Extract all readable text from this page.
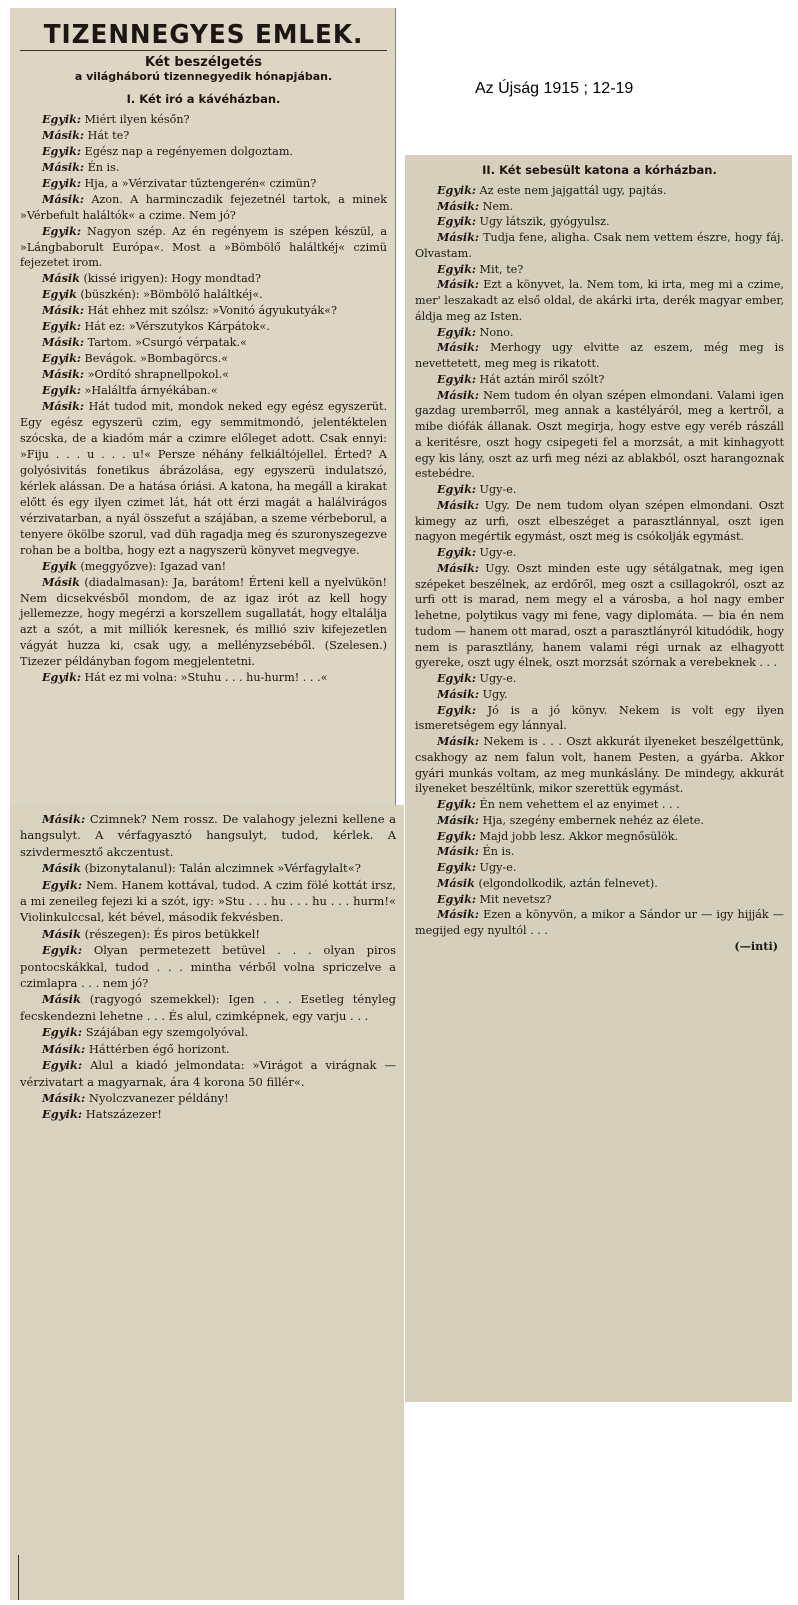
Az Újság 1915 ; 12-19
TIZENNEGYES EMLEK.
Két beszélgetés
a világháború tizennegyedik hónapjában.
I. Két iró a kávéházban.

Egyik: Miért ilyen későn?

Másik: Hát te?

Egyik: Egész nap a regényemen dolgoztam.

Másik: Én is.

Egyik: Hja, a »Vérzivatar tűztengerén« czimün?

Másik: Azon. A harminczadik fejezetnél tartok, a minek »Vérbefult haláltók« a czime. Nem jó?

Egyik: Nagyon szép. Az én regényem is szépen készül, a »Lángbaborult Európa«. Most a »Bömbölő haláltkéj« czimü fejezetet irom.

Másik (kissé irigyen): Hogy mondtad?

Egyik (büszkén): »Bömbölő haláltkéj«.

Másik: Hát ehhez mit szólsz: »Vonitó ágyukutyák«?

Egyik: Hát ez: »Vérszutykos Kárpátok«.

Másik: Tartom. »Csurgó vérpatak.«

Egyik: Bevágok. »Bombagörcs.«

Másik: »Ordító shrapnellpokol.«

Egyik: »Haláltfa árnyékában.«

Másik: Hát tudod mit, mondok neked egy egész egyszerüt. Egy egész egyszerü czim, egy semmitmondó, jelentéktelen szócska, de a kiadóm már a czimre előleget adott. Csak ennyi: »Fiju . . . u . . . u!« Persze néhány felkiáltójellel. Érted? A golyósivitás fonetikus ábrázolása, egy egyszerü indulatszó, kérlek alássan. De a hatása óriási. A katona, ha megáll a kirakat előtt és egy ilyen czimet lát, hát ott érzi magát a halálvirágos vérzivatarban, a nyál összefut a szájában, a szeme vérbeborul, a tenyere ökölbe szorul, vad düh ragadja meg és szuronyszegezve rohan be a boltba, hogy ezt a nagyszerü könyvet megvegye.

Egyik (meggyőzve): Igazad van!

Másik (diadalmasan): Ja, barátom! Érteni kell a nyelvükön! Nem dicsekvésből mondom, de az igaz irót az kell hogy jellemezze, hogy megérzi a korszellem sugallatát, hogy eltalálja azt a szót, a mit milliók keresnek, és millió sziv kifejezetlen vágyát huzza ki, csak ugy, a mellényzsebéből. (Szelesen.) Tizezer példányban fogom megjelentetni.

Egyik: Hát ez mi volna: »Stuhu . . . hu-hurm! . . .«

Másik: Czimnek? Nem rossz. De valahogy jelezni kellene a hangsulyt. A vérfagyasztó hangsulyt, tudod, kérlek. A szivdermesztő akczentust.

Másik (bizonytalanul): Talán alczimnek »Vérfagylalt«?

Egyik: Nem. Hanem kottával, tudod. A czim fölé kottát irsz, a mi zeneileg fejezi ki a szót, igy: »Stu . . . hu . . . hu . . . hurm!« Violinkulccsal, két bével, második fekvésben.

Másik (részegen): És piros betükkel!

Egyik: Olyan permetezett betüvel . . . olyan piros pontocskákkal, tudod . . . mintha vérből volna spriczelve a czimlapra . . . nem jó?

Másik (ragyogó szemekkel): Igen . . . Esetleg tényleg fecskendezni lehetne . . . És alul, czimképnek, egy varju . . .

Egyik: Szájában egy szemgolyóval.

Másik: Háttérben égő horizont.

Egyik: Alul a kiadó jelmondata: »Virágot a virágnak — vérzivatart a magyarnak, ára 4 korona 50 fillér«.

Másik: Nyolczvanezer példány!

Egyik: Hatszázezer!

II. Két sebesült katona a kórházban.

Egyik: Az este nem jajgattál ugy, pajtás.

Másik: Nem.

Egyik: Ugy látszik, gyógyulsz.

Másik: Tudja fene, aligha. Csak nem vettem észre, hogy fáj. Olvastam.

Egyik: Mit, te?

Másik: Ezt a könyvet, la. Nem tom, ki irta, meg mi a czime, mer' leszakadt az első oldal, de akárki irta, derék magyar ember, áldja meg az Isten.

Egyik: Nono.

Másik: Merhogy ugy elvitte az eszem, még meg is nevettetett, meg meg is rikatott.

Egyik: Hát aztán miről szólt?

Másik: Nem tudom én olyan szépen elmondani. Valami igen gazdag urembərről, meg annak a kastélyáról, meg a kertről, a mibe diófák állanak. Oszt megirja, hogy estve egy veréb rászáll a keritésre, oszt hogy csipegeti fel a morzsát, a mit kinhagyott egy kis lány, oszt az urfi meg nézi az ablakból, oszt harangoznak estebédre.

Egyik: Ugy-e.

Másik: Ugy. De nem tudom olyan szépen elmondani. Oszt kimegy az urfi, oszt elbeszéget a parasztlánnyal, oszt igen nagyon megértik egymást, oszt meg is csókolják egymást.

Egyik: Ugy-e.

Másik: Ugy. Oszt minden este ugy sétálgatnak, meg igen szépeket beszélnek, az erdőről, meg oszt a csillagokról, oszt az urfi ott is marad, nem megy el a városba, a hol nagy ember lehetne, polytikus vagy mi fene, vagy diplomáta. — bia én nem tudom — hanem ott marad, oszt a parasztlányról kitudódik, hogy nem is parasztlány, hanem valami régi urnak az elhagyott gyereke, oszt ugy élnek, oszt morzsát szórnak a verebeknek . . .

Egyik: Ugy-e.

Másik: Ugy.

Egyik: Jó is a jó könyv. Nekem is volt egy ilyen ismeretségem egy lánnyal.

Másik: Nekem is . . . Oszt akkurát ilyeneket beszélgettünk, csakhogy az nem falun volt, hanem Pesten, a gyárba. Akkor gyári munkás voltam, az meg munkáslány. De mindegy, akkurát ilyeneket beszéltünk, mikor szerettük egymást.

Egyik: Én nem vehettem el az enyimet . . .

Másik: Hja, szegény embernek nehéz az élete.

Egyik: Majd jobb lesz. Akkor megnősülök.

Másik: Én is.

Egyik: Ugy-e.

Másik (elgondolkodik, aztán felnevet).

Egyik: Mit nevetsz?

Másik: Ezen a könyvön, a mikor a Sándor ur — igy hijják — megijed egy nyultól . . .

(—inti)
